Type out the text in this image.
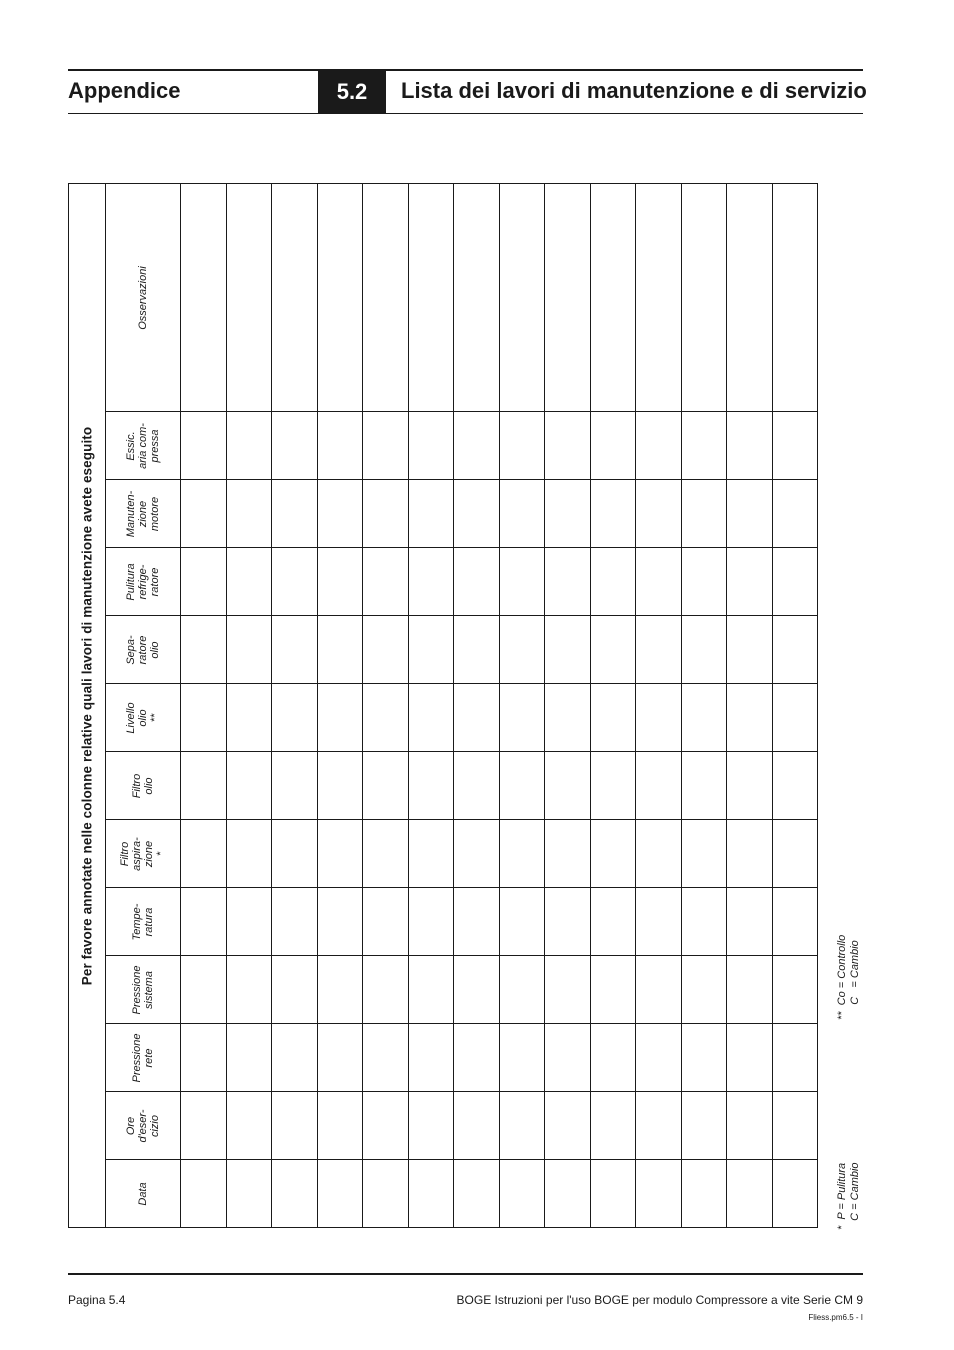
Appendice	5.2	Lista dei lavori di manutenzione e di servizio
Per favore annotate nelle colonne relative quali lavori di manutenzione avete eseguito	Osservazioni														

	Essic.
aria com-
pressa														

	Manuten-
zione
motore														

	Pulitura
refrige-
ratore														

	Sepa-
ratore
olio														

	Livello
olio
**														

	Filtro
olio														

	Filtro
aspira-
zione
*														

	Tempe-
ratura														

	Pressione
sistema														

	Pressione
rete														

	Ore
d'eser-
cizio														

	Data														

*  P = Pulitura
C = Cambio
**  Co = Controllo
C   = Cambio
Pagina 5.4	BOGE Istruzioni per l'uso BOGE per modulo Compressore a vite Serie CM 9
Fliess.pm6.5 - I
